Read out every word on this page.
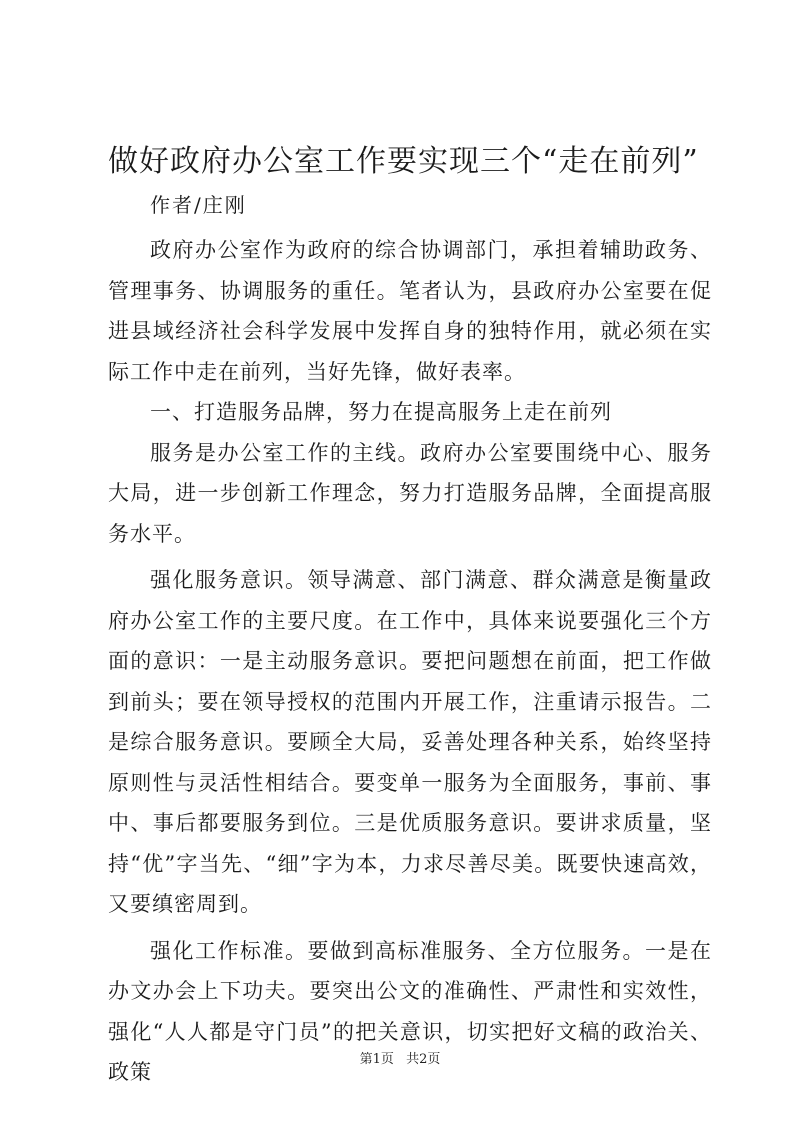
做好政府办公室工作要实现三个“走在前列”
作者/庄刚

政府办公室作为政府的综合协调部门，承担着辅助政务、管理事务、协调服务的重任。笔者认为，县政府办公室要在促进县域经济社会科学发展中发挥自身的独特作用，就必须在实际工作中走在前列，当好先锋，做好表率。

一、打造服务品牌，努力在提高服务上走在前列

服务是办公室工作的主线。政府办公室要围绕中心、服务大局，进一步创新工作理念，努力打造服务品牌，全面提高服务水平。

强化服务意识。领导满意、部门满意、群众满意是衡量政府办公室工作的主要尺度。在工作中，具体来说要强化三个方面的意识：一是主动服务意识。要把问题想在前面，把工作做到前头；要在领导授权的范围内开展工作，注重请示报告。二是综合服务意识。要顾全大局，妥善处理各种关系，始终坚持原则性与灵活性相结合。要变单一服务为全面服务，事前、事中、事后都要服务到位。三是优质服务意识。要讲求质量，坚持“优”字当先、“细”字为本，力求尽善尽美。既要快速高效，又要缜密周到。

强化工作标准。要做到高标准服务、全方位服务。一是在办文办会上下功夫。要突出公文的准确性、严肃性和实效性，强化“人人都是守门员”的把关意识，切实把好文稿的政治关、政策

第1页 共2页
